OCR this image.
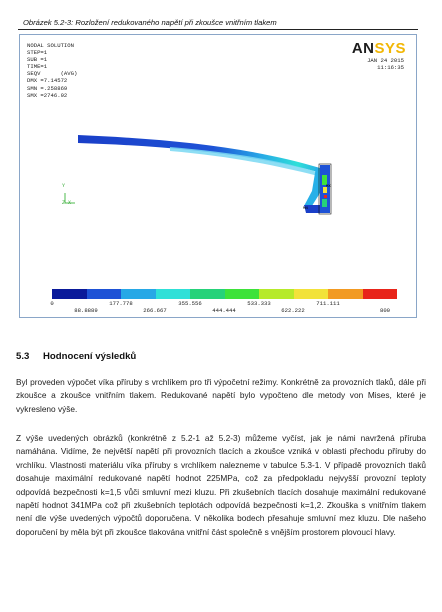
Obrázek 5.2-3: Rozložení redukovaného napětí při zkoušce vnitřním tlakem
NODAL SOLUTION
STEP=1
SUB =1
TIME=1
SEQV      (AVG)
DMX =7.14572
SMN =.258869
SMX =2746.92
ANSYS
JAN 24 2015
11:16:35
MX
MN
Y
Z X
0	177.778	355.556	533.333	711.111
88.8889	266.667	444.444	622.222	800
5.3 Hodnocení výsledků
Byl proveden výpočet víka příruby s vrchlíkem pro tři výpočetní režimy. Konkrétně za provozních tlaků, dále při zkoušce a zkoušce vnitřním tlakem. Redukované napětí bylo vypočteno dle metody von Mises, které je vykresleno výše.
Z výše uvedených obrázků (konkrétně z 5.2-1 až 5.2-3) můžeme vyčíst, jak je námi navržená příruba namáhána. Vidíme, že největší napětí při provozních tlacích a zkoušce vzniká v oblasti přechodu příruby do vrchlíku. Vlastnosti materiálu víka příruby s vrchlíkem nalezneme v tabulce 5.3-1. V případě provozních tlaků dosahuje maximální redukované napětí hodnot 225MPa, což za předpokladu nejvyšší provozní teploty odpovídá bezpečnosti k=1,5 vůči smluvní mezi kluzu. Při zkušebních tlacích dosahuje maximální redukované napětí hodnot 341MPa což při zkušebních teplotách odpovídá bezpečnosti k=1,2. Zkouška s vnitřním tlakem není dle výše uvedených výpočtů doporučena. V několika bodech přesahuje smluvní mez kluzu. Dle našeho doporučení by měla být při zkoušce tlakována vnitřní část společně s vnějším prostorem plovoucí hlavy.
